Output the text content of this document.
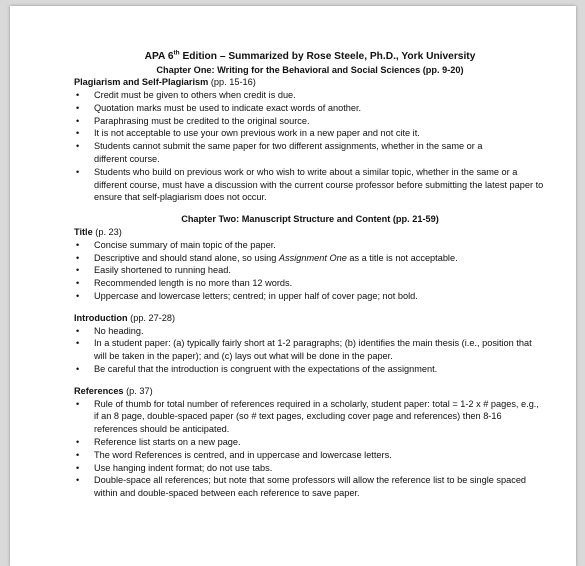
APA 6th Edition – Summarized by Rose Steele, Ph.D., York University
Chapter One: Writing for the Behavioral and Social Sciences (pp. 9-20)
Plagiarism and Self-Plagiarism (pp. 15-16)
• Credit must be given to others when credit is due.
• Quotation marks must be used to indicate exact words of another.
• Paraphrasing must be credited to the original source.
• It is not acceptable to use your own previous work in a new paper and not cite it.
• Students cannot submit the same paper for two different assignments, whether in the same or a different course.
• Students who build on previous work or who wish to write about a similar topic, whether in the same or a different course, must have a discussion with the current course professor before submitting the latest paper to ensure that self-plagiarism does not occur.
Chapter Two: Manuscript Structure and Content (pp. 21-59)
Title (p. 23)
• Concise summary of main topic of the paper.
• Descriptive and should stand alone, so using Assignment One as a title is not acceptable.
• Easily shortened to running head.
• Recommended length is no more than 12 words.
• Uppercase and lowercase letters; centred; in upper half of cover page; not bold.
Introduction (pp. 27-28)
• No heading.
• In a student paper: (a) typically fairly short at 1-2 paragraphs; (b) identifies the main thesis (i.e., position that will be taken in the paper); and (c) lays out what will be done in the paper.
• Be careful that the introduction is congruent with the expectations of the assignment.
References (p. 37)
• Rule of thumb for total number of references required in a scholarly, student paper: total = 1-2 x # pages, e.g., if an 8 page, double-spaced paper (so # text pages, excluding cover page and references) then 8-16 references should be anticipated.
• Reference list starts on a new page.
• The word References is centred, and in uppercase and lowercase letters.
• Use hanging indent format; do not use tabs.
• Double-space all references; but note that some professors will allow the reference list to be single spaced within and double-spaced between each reference to save paper.
